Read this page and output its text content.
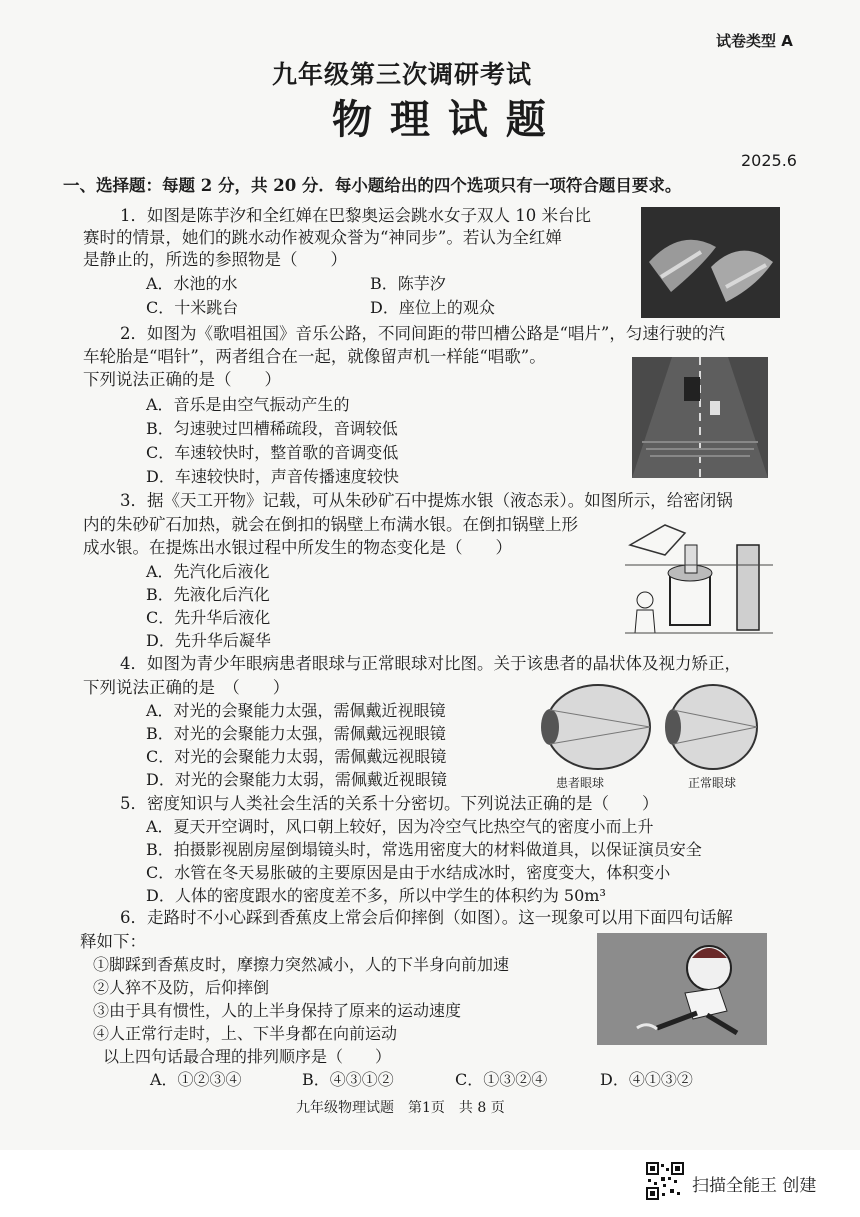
试卷类型 A
九年级第三次调研考试
物 理 试 题
2025.6
一、选择题：每题 2 分，共 20 分．每小题给出的四个选项只有一项符合题目要求。
1．如图是陈芋汐和全红婵在巴黎奥运会跳水女子双人 10 米台比
赛时的情景，她们的跳水动作被观众誉为“神同步”。若认为全红婵
是静止的，所选的参照物是（　　）
A．水池的水	B．陈芋汐
C．十米跳台	D．座位上的观众
2．如图为《歌唱祖国》音乐公路，不同间距的带凹槽公路是“唱片”，匀速行驶的汽
车轮胎是“唱针”，两者组合在一起，就像留声机一样能“唱歌”。
下列说法正确的是（　　）
A．音乐是由空气振动产生的
B．匀速驶过凹槽稀疏段，音调较低
C．车速较快时，整首歌的音调变低
D．车速较快时，声音传播速度较快
3．据《天工开物》记载，可从朱砂矿石中提炼水银（液态汞）。如图所示，给密闭锅
内的朱砂矿石加热，就会在倒扣的锅壁上布满水银。在倒扣锅壁上形
成水银。在提炼出水银过程中所发生的物态变化是（　　）
A．先汽化后液化
B．先液化后汽化
C．先升华后液化
D．先升华后凝华
4．如图为青少年眼病患者眼球与正常眼球对比图。关于该患者的晶状体及视力矫正，
下列说法正确的是　（　　）
A．对光的会聚能力太强，需佩戴近视眼镜
B．对光的会聚能力太强，需佩戴远视眼镜
C．对光的会聚能力太弱，需佩戴远视眼镜
D．对光的会聚能力太弱，需佩戴近视眼镜	患者眼球	正常眼球
5．密度知识与人类社会生活的关系十分密切。下列说法正确的是（　　）
A．夏天开空调时，风口朝上较好，因为冷空气比热空气的密度小而上升
B．拍摄影视剧房屋倒塌镜头时，常选用密度大的材料做道具，以保证演员安全
C．水管在冬天易胀破的主要原因是由于水结成冰时，密度变大，体积变小
D．人体的密度跟水的密度差不多，所以中学生的体积约为 50m³
6．走路时不小心踩到香蕉皮上常会后仰摔倒（如图）。这一现象可以用下面四句话解
释如下：
①脚踩到香蕉皮时，摩擦力突然减小，人的下半身向前加速
②人猝不及防，后仰摔倒
③由于具有惯性，人的上半身保持了原来的运动速度
④人正常行走时，上、下半身都在向前运动
以上四句话最合理的排列顺序是（　　）
A．①②③④	B．④③①②	C．①③②④	D．④①③②
九年级物理试题　第1页　共 8 页
扫描全能王 创建
